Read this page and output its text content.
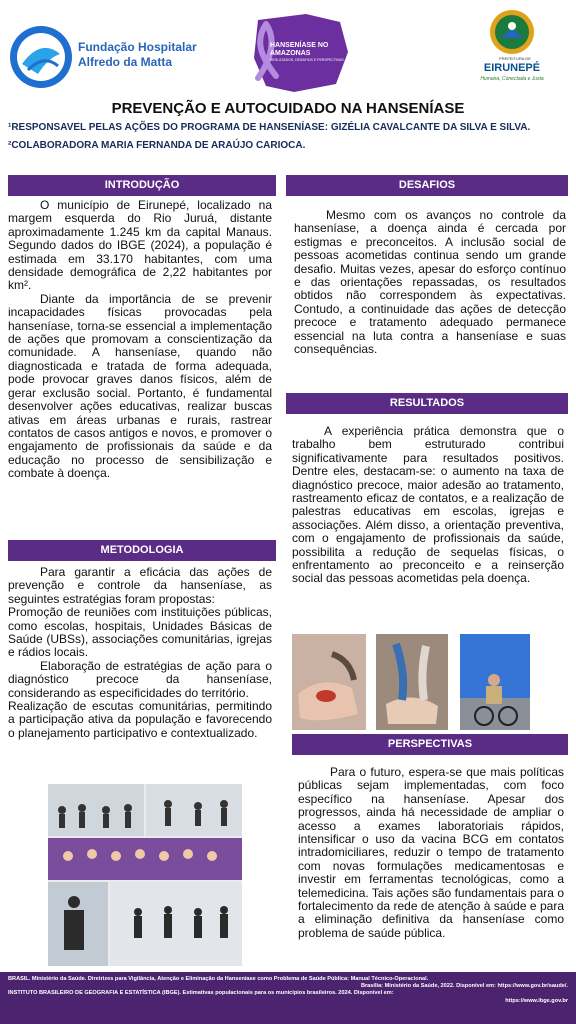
Fundação Hospitalar Alfredo da Matta
HANSENÍASE NO AMAZONAS
RESULTADOS, DESAFIOS E PERSPECTIVAS	PREFEITURA DE
EIRUNEPÉ
Humana, Conectada e Justa
PREVENÇÃO E AUTOCUIDADO NA HANSENÍASE

¹RESPONSAVEL PELAS AÇÕES DO PROGRAMA DE HANSENÍASE: GIZÉLIA CAVALCANTE DA SILVA E SILVA.

²COLABORADORA MARIA FERNANDA DE ARAÚJO CARIOCA.

INTRODUÇÃO

O município de Eirunepé, localizado na margem esquerda do Rio Juruá, distante aproximadamente 1.245 km da capital Manaus. Segundo dados do IBGE (2024), a população é estimada em 33.170 habitantes, com uma densidade demográfica de 2,22 habitantes por km².

Diante da importância de se prevenir incapacidades físicas provocadas pela hanseníase, torna-se essencial a implementação de ações que promovam a conscientização da comunidade. A hanseníase, quando não diagnosticada e tratada de forma adequada, pode provocar graves danos físicos, além de gerar exclusão social. Portanto, é fundamental desenvolver ações educativas, realizar buscas ativas em áreas urbanas e rurais, rastrear contatos de casos antigos e novos, e promover o engajamento de profissionais da saúde e da educação no processo de sensibilização e combate à doença.

METODOLOGIA

Para garantir a eficácia das ações de prevenção e controle da hanseníase, as seguintes estratégias foram propostas:

Promoção de reuniões com instituições públicas, como escolas, hospitais, Unidades Básicas de Saúde (UBSs), associações comunitárias, igrejas e rádios locais.

Elaboração de estratégias de ação para o diagnóstico precoce da hanseníase, considerando as especificidades do território.

Realização de escutas comunitárias, permitindo a participação ativa da população e favorecendo o planejamento participativo e contextualizado.

DESAFIOS

Mesmo com os avanços no controle da hanseníase, a doença ainda é cercada por estigmas e preconceitos. A inclusão social de pessoas acometidas continua sendo um grande desafio. Muitas vezes, apesar do esforço contínuo e das orientações repassadas, os resultados obtidos não correspondem às expectativas. Contudo, a continuidade das ações de detecção precoce e tratamento adequado permanece essencial na luta contra a hanseníase e suas consequências.

RESULTADOS

A experiência prática demonstra que o trabalho bem estruturado contribui significativamente para resultados positivos. Dentre eles, destacam-se: o aumento na taxa de diagnóstico precoce, maior adesão ao tratamento, rastreamento eficaz de contatos, e a realização de palestras educativas em escolas, igrejas e associações. Além disso, a orientação preventiva, com o engajamento de profissionais da saúde, possibilita a redução de sequelas físicas, o enfrentamento ao preconceito e a reinserção social das pessoas acometidas pela doença.

PERSPECTIVAS

Para o futuro, espera-se que mais políticas públicas sejam implementadas, com foco específico na hanseníase. Apesar dos progressos, ainda há necessidade de ampliar o acesso a exames laboratoriais rápidos, intensificar o uso da vacina BCG em contatos intradomiciliares, reduzir o tempo de tratamento com novas formulações medicamentosas e investir em ferramentas tecnológicas, como a telemedicina. Tais ações são fundamentais para o fortalecimento da rede de atenção à saúde e para a eliminação definitiva da hanseníase como problema de saúde pública.

BRASIL. Ministério da Saúde. Diretrizes para Vigilância, Atenção e Eliminação da Hanseníase como Problema de Saúde Pública: Manual Técnico-Operacional.

Brasília: Ministério da Saúde, 2022. Disponível em: https://www.gov.br/saude/.

INSTITUTO BRASILEIRO DE GEOGRAFIA E ESTATÍSTICA (IBGE). Estimativas populacionais para os municípios brasileiros. 2024. Disponível em:

https://www.ibge.gov.br
